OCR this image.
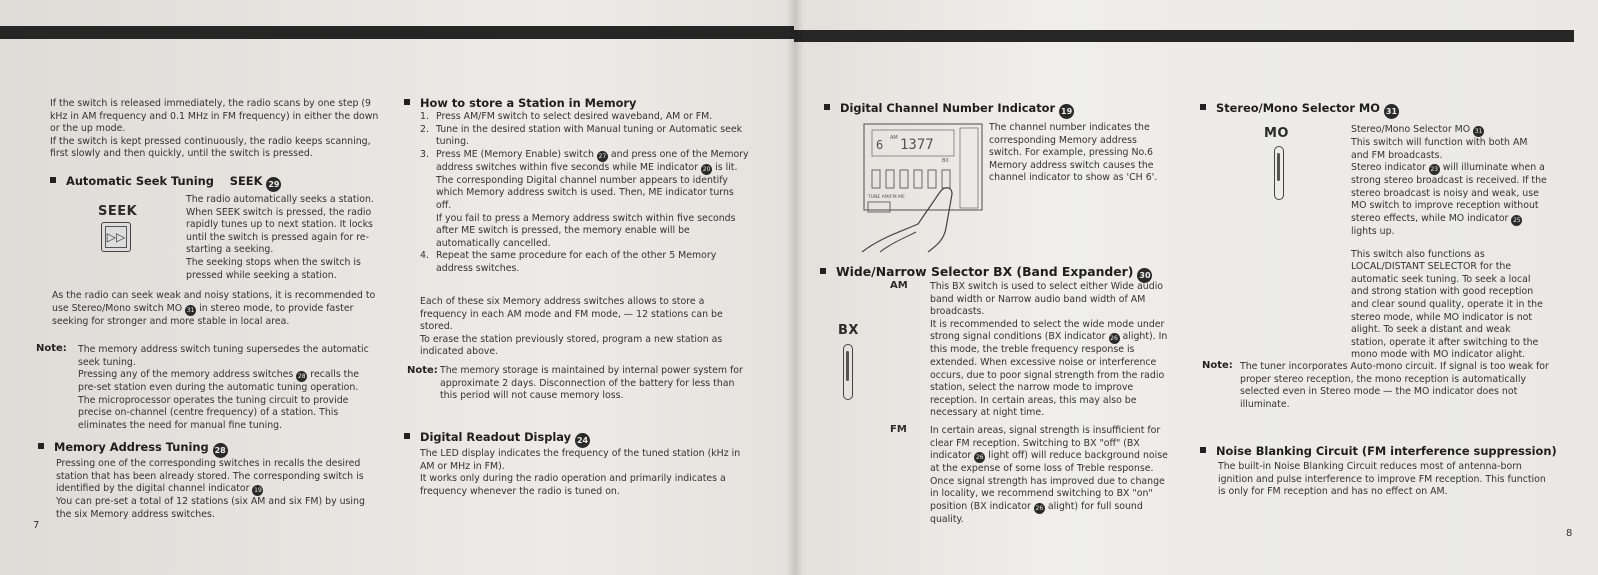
If the switch is released immediately, the radio scans by one step (9 kHz in AM frequency and 0.1 MHz in FM frequency) in either the down or the up mode.

If the switch is kept pressed continuously, the radio keeps scanning, first slowly and then quickly, until the switch is pressed.

Automatic Seek Tuning SEEK 29
SEEK
▷▷

The radio automatically seeks a station. When SEEK switch is pressed, the radio rapidly tunes up to next station. It locks until the switch is pressed again for re-starting a seeking.

The seeking stops when the switch is pressed while seeking a station.

As the radio can seek weak and noisy stations, it is recommended to use Stereo/Mono switch MO 31 in stereo mode, to provide faster seeking for stronger and more stable in local area.
Note: The memory address switch tuning supersedes the automatic seek tuning.

Pressing any of the memory address switches 28 recalls the pre-set station even during the automatic tuning operation.

The microprocessor operates the tuning circuit to provide precise on-channel (centre frequency) of a station. This eliminates the need for manual fine tuning.

Memory Address Tuning 28

Pressing one of the corresponding switches in recalls the desired station that has been already stored. The corresponding switch is identified by the digital channel indicator 19

You can pre-set a total of 12 stations (six AM and six FM) by using the six Memory address switches.

7
How to store a Station in Memory
1. Press AM/FM switch to select desired waveband, AM or FM.
2. Tune in the desired station with Manual tuning or Automatic seek tuning.
3. Press ME (Memory Enable) switch 27 and press one of the Memory address switches within five seconds while ME indicator 20 is lit.

The corresponding Digital channel number appears to identify which Memory address switch is used. Then, ME indicator turns off.

If you fail to press a Memory address switch within five seconds after ME switch is pressed, the memory enable will be automatically cancelled.

4. Repeat the same procedure for each of the other 5 Memory address switches.

Each of these six Memory address switches allows to store a frequency in each AM mode and FM mode, — 12 stations can be stored.

To erase the station previously stored, program a new station as indicated above.

Note: The memory storage is maintained by internal power system for approximate 2 days. Disconnection of the battery for less than this period will not cause memory loss.
Digital Readout Display 24

The LED display indicates the frequency of the tuned station (kHz in AM or MHz in FM).

It works only during the radio operation and primarily indicates a frequency whenever the radio is tuned on.

Digital Channel Number Indicator 19
6 AM 1377
BX
TUNE AM/FM ME
The channel number indicates the corresponding Memory address switch. For example, pressing No.6 Memory address switch causes the channel indicator to show as 'CH 6'.
Wide/Narrow Selector BX (Band Expander) 30
AM This BX switch is used to select either Wide audio band width or Narrow audio band width of AM broadcasts.

It is recommended to select the wide mode under strong signal conditions (BX indicator 26 alight). In this mode, the treble frequency response is extended. When excessive noise or interference occurs, due to poor signal strength from the radio station, select the narrow mode to improve reception. In certain areas, this may also be necessary at night time.

BX
FM In certain areas, signal strength is insufficient for clear FM reception. Switching to BX "off" (BX indicator 26 light off) will reduce background noise at the expense of some loss of Treble response. Once signal strength has improved due to change in locality, we recommend switching to BX "on" position (BX indicator 26 alight) for full sound quality.
Stereo/Mono Selector MO 31
MO	Stereo/Mono Selector MO 31

This switch will function with both AM and FM broadcasts.

Stereo indicator 23 will illuminate when a strong stereo broadcast is received. If the stereo broadcast is noisy and weak, use MO switch to improve reception without stereo effects, while MO indicator 25lights up.

This switch also functions as LOCAL/DISTANT SELECTOR for the automatic seek tuning. To seek a local and strong station with good reception and clear sound quality, operate it in the stereo mode, while MO indicator is not alight. To seek a distant and weak station, operate it after switching to the mono mode with MO indicator alight.

Note: The tuner incorporates Auto-mono circuit. If signal is too weak for proper stereo reception, the mono reception is automatically selected even in Stereo mode — the MO indicator does not illuminate.
Noise Blanking Circuit (FM interference suppression)
The built-in Noise Blanking Circuit reduces most of antenna-born ignition and pulse interference to improve FM reception. This function is only for FM reception and has no effect on AM.
8
